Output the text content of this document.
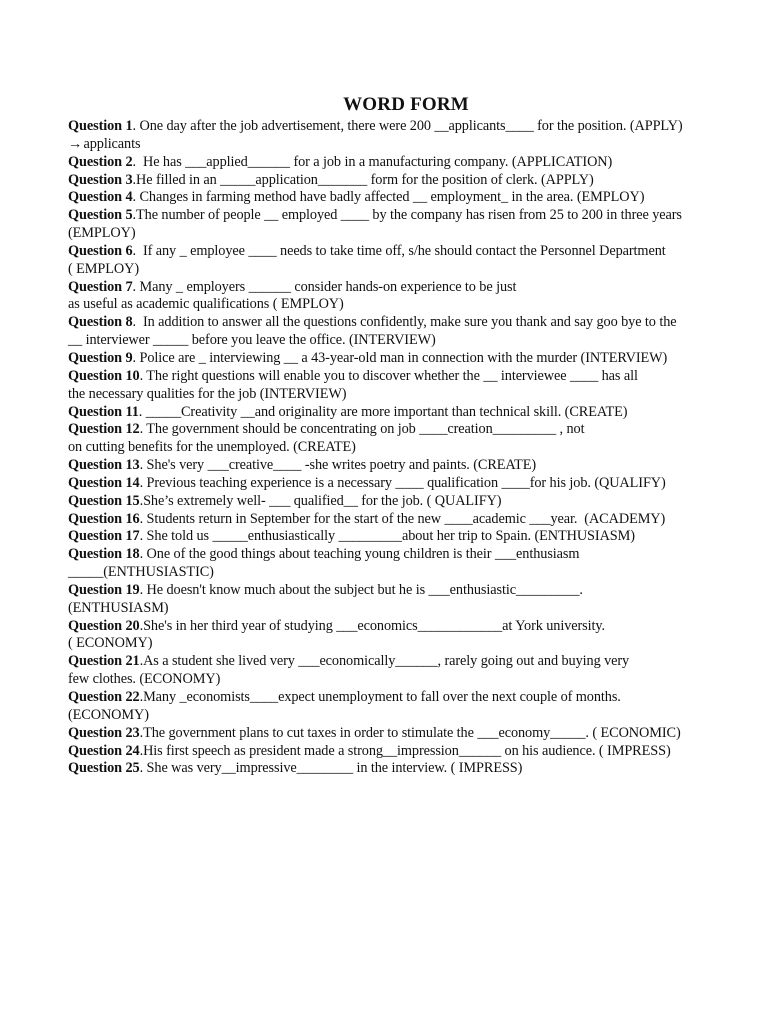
WORD FORM
Question 1. One day after the job advertisement, there were 200 __applicants____ for the position. (APPLY)
→ applicants
Question 2.  He has ___applied______ for a job in a manufacturing company. (APPLICATION)
Question 3.He filled in an _____application_______ form for the position of clerk. (APPLY)
Question 4. Changes in farming method have badly affected __ employment_ in the area. (EMPLOY)
Question 5.The number of people __ employed ____ by the company has risen from 25 to 200 in three years
(EMPLOY)
Question 6.  If any _ employee ____ needs to take time off, s/he should contact the Personnel Department
( EMPLOY)
Question 7. Many _ employers ______ consider hands-on experience to be just
as useful as academic qualifications ( EMPLOY)
Question 8.  In addition to answer all the questions confidently, make sure you thank and say goo bye to the
__ interviewer _____ before you leave the office. (INTERVIEW)
Question 9. Police are _ interviewing __ a 43-year-old man in connection with the murder (INTERVIEW)
Question 10. The right questions will enable you to discover whether the __ interviewee ____ has all
the necessary qualities for the job (INTERVIEW)
Question 11. _____Creativity __and originality are more important than technical skill. (CREATE)
Question 12. The government should be concentrating on job ____creation_________ , not
on cutting benefits for the unemployed. (CREATE)
Question 13. She's very ___creative____ -she writes poetry and paints. (CREATE)
Question 14. Previous teaching experience is a necessary ____ qualification ____for his job. (QUALIFY)
Question 15.She’s extremely well- ___ qualified__ for the job. ( QUALIFY)
Question 16. Students return in September for the start of the new ____academic ___year.  (ACADEMY)
Question 17. She told us _____enthusiastically _________about her trip to Spain. (ENTHUSIASM)
Question 18. One of the good things about teaching young children is their ___enthusiasm
_____(ENTHUSIASTIC)
Question 19. He doesn't know much about the subject but he is ___enthusiastic_________.
(ENTHUSIASM)
Question 20.She's in her third year of studying ___economics____________at York university.
( ECONOMY)
Question 21.As a student she lived very ___economically______, rarely going out and buying very
few clothes. (ECONOMY)
Question 22.Many _economists____expect unemployment to fall over the next couple of months.
(ECONOMY)
Question 23.The government plans to cut taxes in order to stimulate the ___economy_____. ( ECONOMIC)
Question 24.His first speech as president made a strong__impression______ on his audience. ( IMPRESS)
Question 25. She was very__impressive________ in the interview. ( IMPRESS)
